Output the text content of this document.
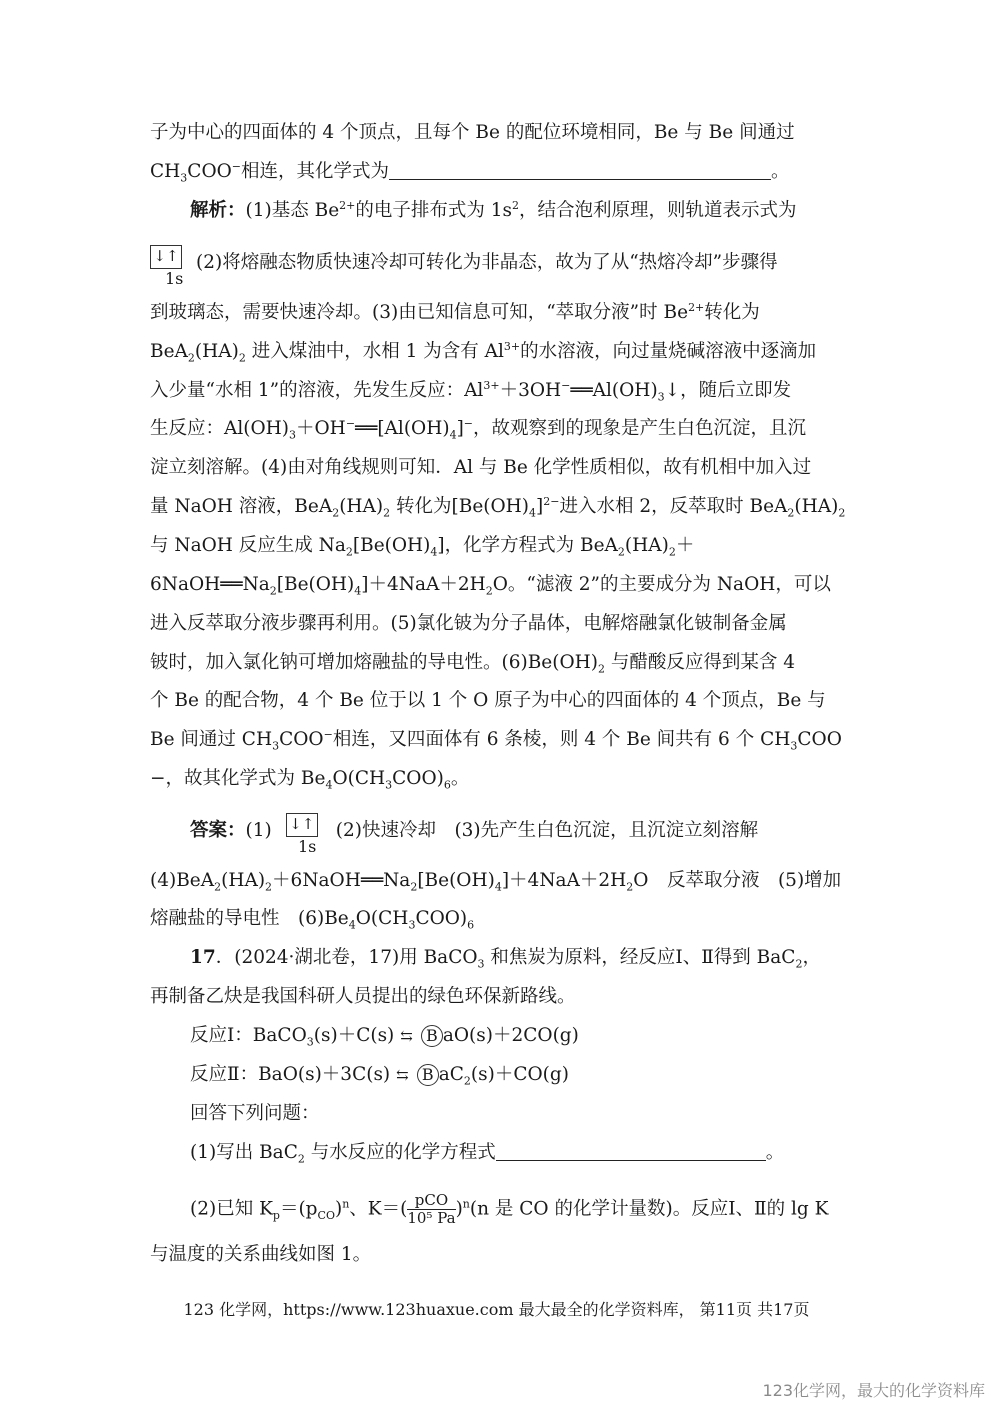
子为中心的四面体的 4 个顶点，且每个 Be 的配位环境相同，Be 与 Be 间通过
$CH_3COO^-$相连，其化学式为	。
解析：(1)基态 $Be^{2+}$的电子排布式为 $1s^2$，结合泡利原理，则轨道表示式为
↓↑ (2)将熔融态物质快速冷却可转化为非晶态，故为了从“热熔冷却”步骤得
1s
到玻璃态，需要快速冷却。(3)由已知信息可知，“萃取分液”时 $Be^{2+}$转化为
$BeA_2(HA)_2$ 进入煤油中，水相 1 为含有 $Al^{3+}$的水溶液，向过量烧碱溶液中逐滴加
入少量“水相 1”的溶液，先发生反应：$Al^{3+}+3OH^-══Al(OH)_3↓$，随后立即发
生反应：$Al(OH)_3+OH^-══[Al(OH)_4]^-$，故观察到的现象是产生白色沉淀，且沉
淀立刻溶解。(4)由对角线规则可知．Al 与 Be 化学性质相似，故有机相中加入过
量 NaOH 溶液，$BeA_2(HA)_2$ 转化为$[Be(OH)_4]^{2-}$进入水相 2，反萃取时 $BeA_2(HA)_2$
与 NaOH 反应生成 $Na_2[Be(OH)_4]$，化学方程式为 $BeA_2(HA)_2+$
$6NaOH══Na_2[Be(OH)_4]+4NaA+2H_2O$。“滤液 2”的主要成分为 NaOH，可以
进入反萃取分液步骤再利用。(5)氯化铍为分子晶体，电解熔融氯化铍制备金属
铍时，加入氯化钠可增加熔融盐的导电性。$(6)Be(OH)_2$ 与醋酸反应得到某含 4
个 Be 的配合物，4 个 Be 位于以 1 个 O 原子为中心的四面体的 4 个顶点，Be 与
Be 间通过 $CH_3COO^-$相连，又四面体有 6 条棱，则 4 个 Be 间共有 6 个 $CH_3COO$
−，故其化学式为 $Be_4O(CH_3COO)_6$。
答案：(1) ↓↑ (2)快速冷却　(3)先产生白色沉淀，且沉淀立刻溶解
1s
$(4)BeA_2(HA)_2+6NaOH══Na_2[Be(OH)_4]+4NaA+2H_2O$　反萃取分液　(5)增加
熔融盐的导电性　$(6)Be_4O(CH_3COO)_6$
17．(2024·湖北卷，17)用 BaCO$_3$ 和焦炭为原料，经反应Ⅰ、Ⅱ得到 BaC$_2$，
再制备乙炔是我国科研人员提出的绿色环保新路线。
反应Ⅰ：BaCO$_3$(s)＋C(s) ⇆ B aO(s)＋2CO(g)
反应Ⅱ：BaO(s)＋3C(s) ⇆ B $aC_2(s)+CO(g)$
回答下列问题：
(1)写出 BaC$_2$ 与水反应的化学方程式	。
(2)已知 $K_p=(p_{CO})^n$、$K=( \frac{\text{pCO}}{\text{10⁵ Pa}} )^n(n$ 是 CO 的化学计量数)。反应Ⅰ、Ⅱ的 lg K
与温度的关系曲线如图 1。
123 化学网，https://www.123huaxue.com 最大最全的化学资料库， 第11页 共17页
123化学网，最大的化学资料库
